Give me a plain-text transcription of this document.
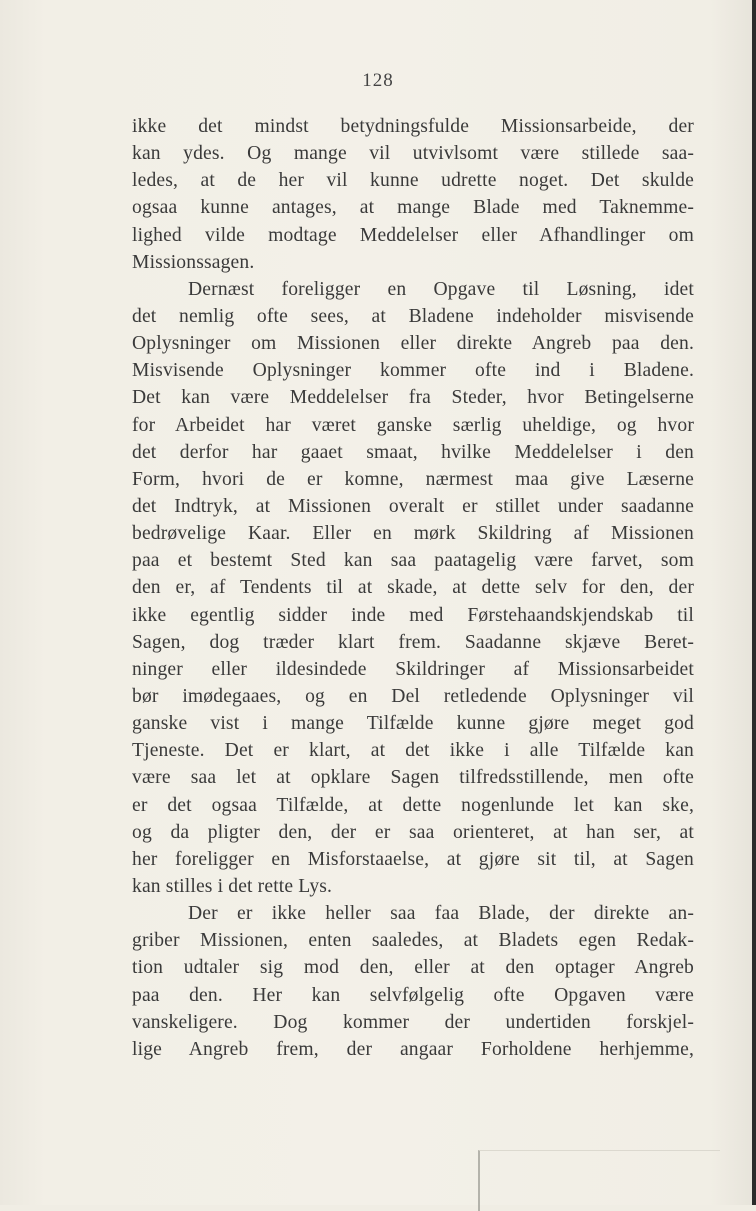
128
ikke det mindst betydningsfulde Missionsarbeide, der
kan ydes. Og mange vil utvivlsomt være stillede saa-
ledes, at de her vil kunne udrette noget. Det skulde
ogsaa kunne antages, at mange Blade med Taknemme-
lighed vilde modtage Meddelelser eller Afhandlinger om
Missionssagen.
Dernæst foreligger en Opgave til Løsning, idet
det nemlig ofte sees, at Bladene indeholder misvisende
Oplysninger om Missionen eller direkte Angreb paa den.
Misvisende Oplysninger kommer ofte ind i Bladene.
Det kan være Meddelelser fra Steder, hvor Betingelserne
for Arbeidet har været ganske særlig uheldige, og hvor
det derfor har gaaet smaat, hvilke Meddelelser i den
Form, hvori de er komne, nærmest maa give Læserne
det Indtryk, at Missionen overalt er stillet under saadanne
bedrøvelige Kaar. Eller en mørk Skildring af Missionen
paa et bestemt Sted kan saa paatagelig være farvet, som
den er, af Tendents til at skade, at dette selv for den, der
ikke egentlig sidder inde med Førstehaandskjendskab til
Sagen, dog træder klart frem. Saadanne skjæve Beret-
ninger eller ildesindede Skildringer af Missionsarbeidet
bør imødegaaes, og en Del retledende Oplysninger vil
ganske vist i mange Tilfælde kunne gjøre meget god
Tjeneste. Det er klart, at det ikke i alle Tilfælde kan
være saa let at opklare Sagen tilfredsstillende, men ofte
er det ogsaa Tilfælde, at dette nogenlunde let kan ske,
og da pligter den, der er saa orienteret, at han ser, at
her foreligger en Misforstaaelse, at gjøre sit til, at Sagen
kan stilles i det rette Lys.
Der er ikke heller saa faa Blade, der direkte an-
griber Missionen, enten saaledes, at Bladets egen Redak-
tion udtaler sig mod den, eller at den optager Angreb
paa den. Her kan selvfølgelig ofte Opgaven være
vanskeligere. Dog kommer der undertiden forskjel-
lige Angreb frem, der angaar Forholdene herhjemme,
